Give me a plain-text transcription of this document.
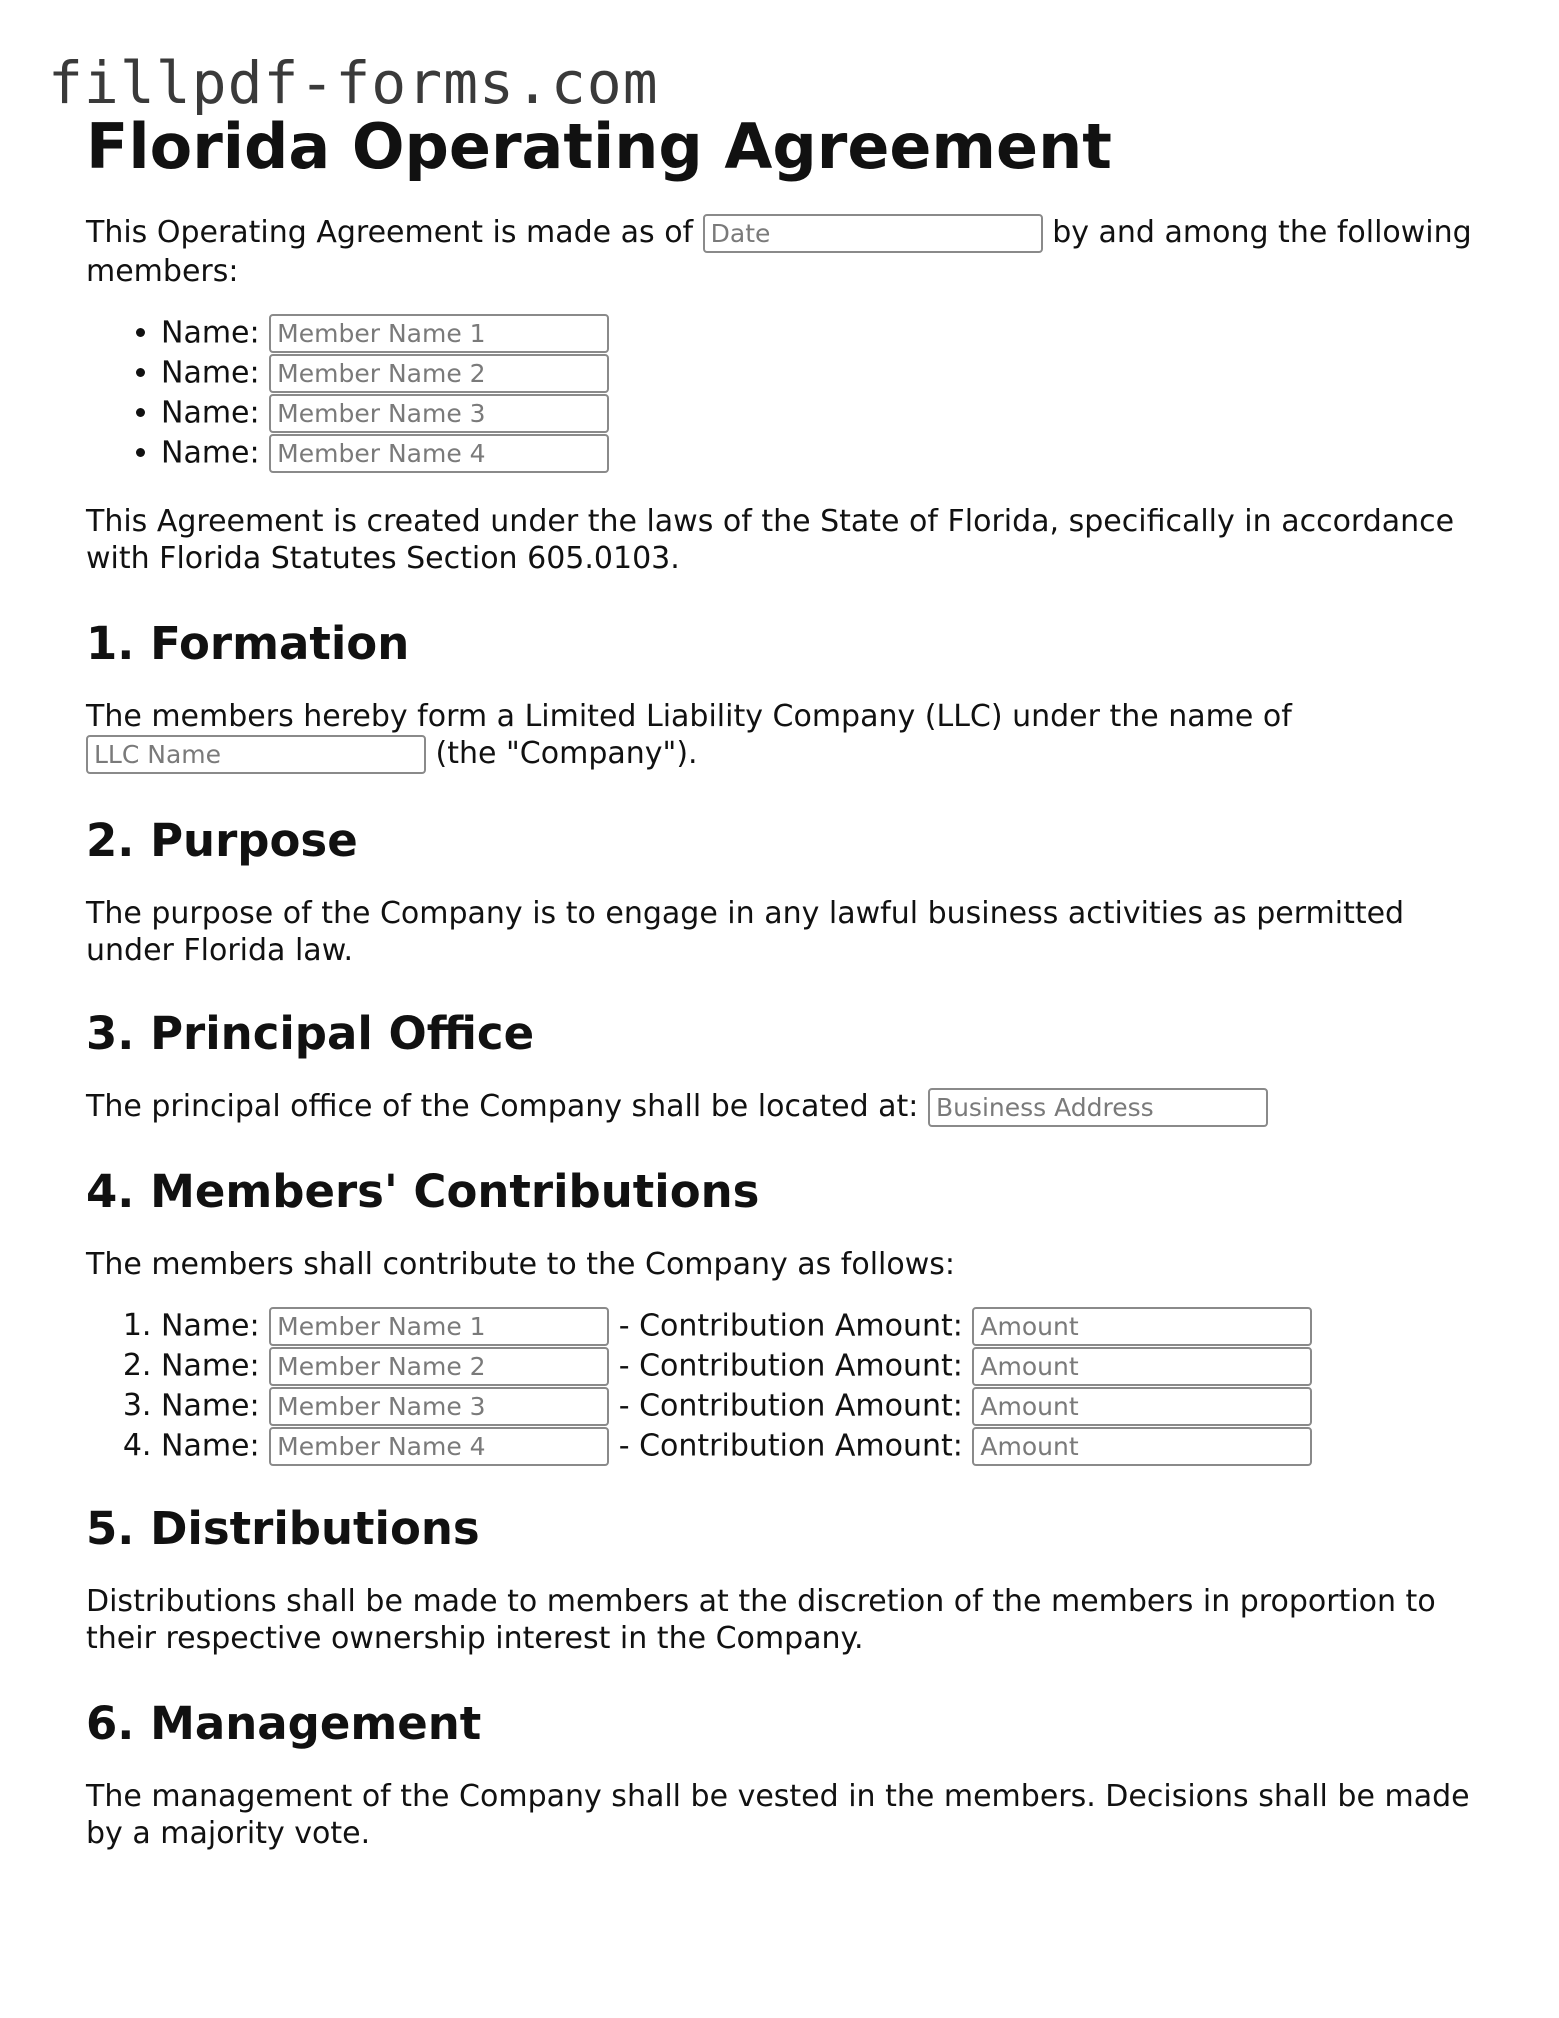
fillpdf-forms.com
Florida Operating Agreement

This Operating Agreement is made as of Date	by and among the following members:

• Name: Member Name 1
• Name: Member Name 2
• Name: Member Name 3
• Name: Member Name 4

This Agreement is created under the laws of the State of Florida, specifically in accordance with Florida Statutes Section 605.0103.

1. Formation

The members hereby form a Limited Liability Company (LLC) under the name of LLC Name (the "Company").

2. Purpose

The purpose of the Company is to engage in any lawful business activities as permitted under Florida law.

3. Principal Office

The principal office of the Company shall be located at: Business Address

4. Members' Contributions

The members shall contribute to the Company as follows:

1. Name: Member Name 1	- Contribution Amount: Amount
2. Name: Member Name 2	- Contribution Amount: Amount
3. Name: Member Name 3	- Contribution Amount: Amount
4. Name: Member Name 4	- Contribution Amount: Amount
5. Distributions

Distributions shall be made to members at the discretion of the members in proportion to their respective ownership interest in the Company.

6. Management

The management of the Company shall be vested in the members. Decisions shall be made by a majority vote.
